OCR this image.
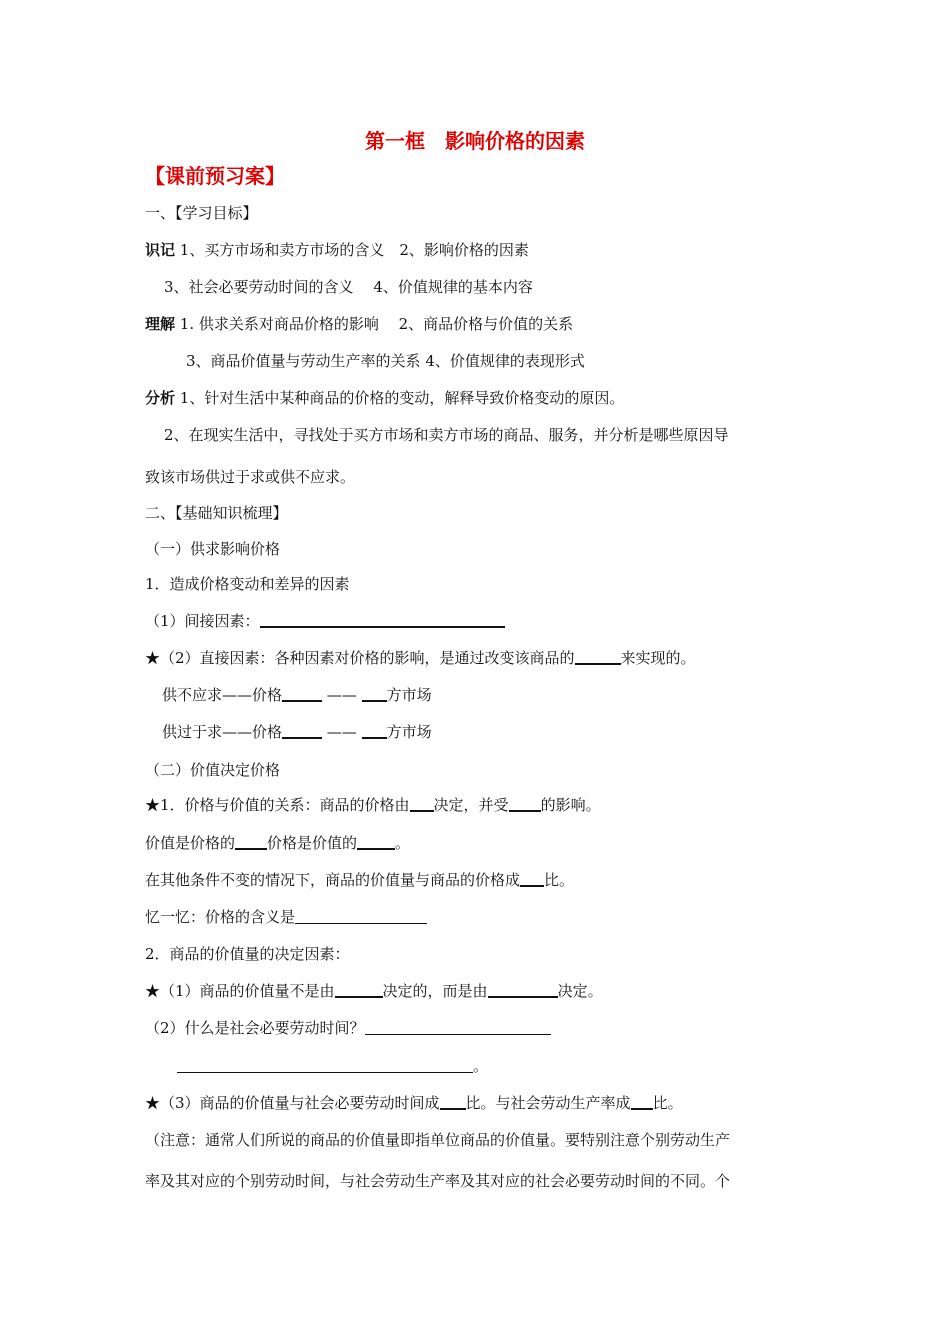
第一框　影响价格的因素
【课前预习案】
一、【学习目标】
识记 1、买方市场和卖方市场的含义　2、影响价格的因素
3、社会必要劳动时间的含义　 4、价值规律的基本内容
理解 1. 供求关系对商品价格的影响　 2、商品价格与价值的关系
3、商品价值量与劳动生产率的关系 4、价值规律的表现形式
分析 1、针对生活中某种商品的价格的变动，解释导致价格变动的原因。
2、在现实生活中，寻找处于买方市场和卖方市场的商品、服务，并分析是哪些原因导
致该市场供过于求或供不应求。
二、【基础知识梳理】
（一）供求影响价格
1．造成价格变动和差异的因素
（1）间接因素：
★（2）直接因素：各种因素对价格的影响，是通过改变该商品的	来实现的。
供不应求——价格	—— 方市场
供过于求——价格	—— 方市场
（二）价值决定价格
★1．价格与价值的关系：商品的价格由 决定，并受 的影响。
价值是价格的 价格是价值的	。
在其他条件不变的情况下，商品的价值量与商品的价格成 比。
忆一忆：价格的含义是
2．商品的价值量的决定因素：
★（1）商品的价值量不是由	决定的，而是由	决定。
（2）什么是社会必要劳动时间？
。
★（3）商品的价值量与社会必要劳动时间成 比。与社会劳动生产率成 比。
（注意：通常人们所说的商品的价值量即指单位商品的价值量。要特别注意个别劳动生产
率及其对应的个别劳动时间，与社会劳动生产率及其对应的社会必要劳动时间的不同。个
